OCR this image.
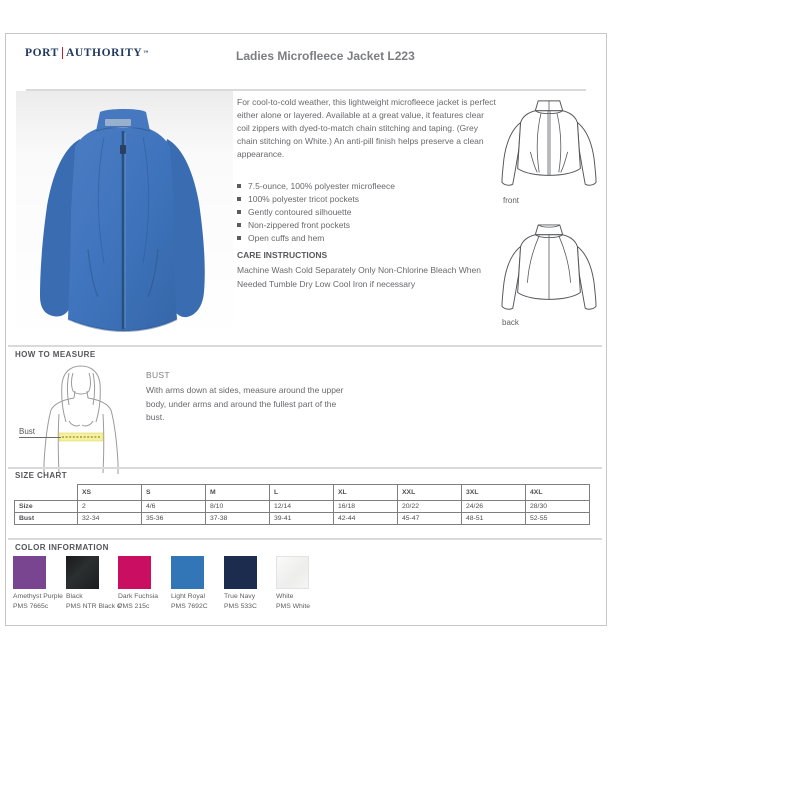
PORT AUTHORITY ™	Ladies Microfleece Jacket L223
For cool-to-cold weather, this lightweight microfleece jacket is perfect either alone or layered. Available at a great value, it features clear coil zippers with dyed-to-match chain stitching and taping. (Grey chain stitching on White.) An anti-pill finish helps preserve a clean appearance.
7.5-ounce, 100% polyester microfleece
100% polyester tricot pockets
Gently contoured silhouette
Non-zippered front pockets
Open cuffs and hem
CARE INSTRUCTIONS
Machine Wash Cold Separately Only Non-Chlorine Bleach When Needed Tumble Dry Low Cool Iron if necessary
front
back
HOW TO MEASURE
Bust
BUST
With arms down at sides, measure around the upper body, under arms and around the fullest part of the bust.
SIZE CHART
	XS	S	M	L	XL	XXL	3XL	4XL
Size	2	4/6	8/10	12/14	16/18	20/22	24/26	28/30
Bust	32-34	35-36	37-38	39-41	42-44	45-47	48-51	52-55
COLOR INFORMATION
Amethyst Purple
PMS 7665c
Black
PMS NTR Black C
Dark Fuchsia
PMS 215c
Light Royal
PMS 7692C
True Navy
PMS 533C
White
PMS White
